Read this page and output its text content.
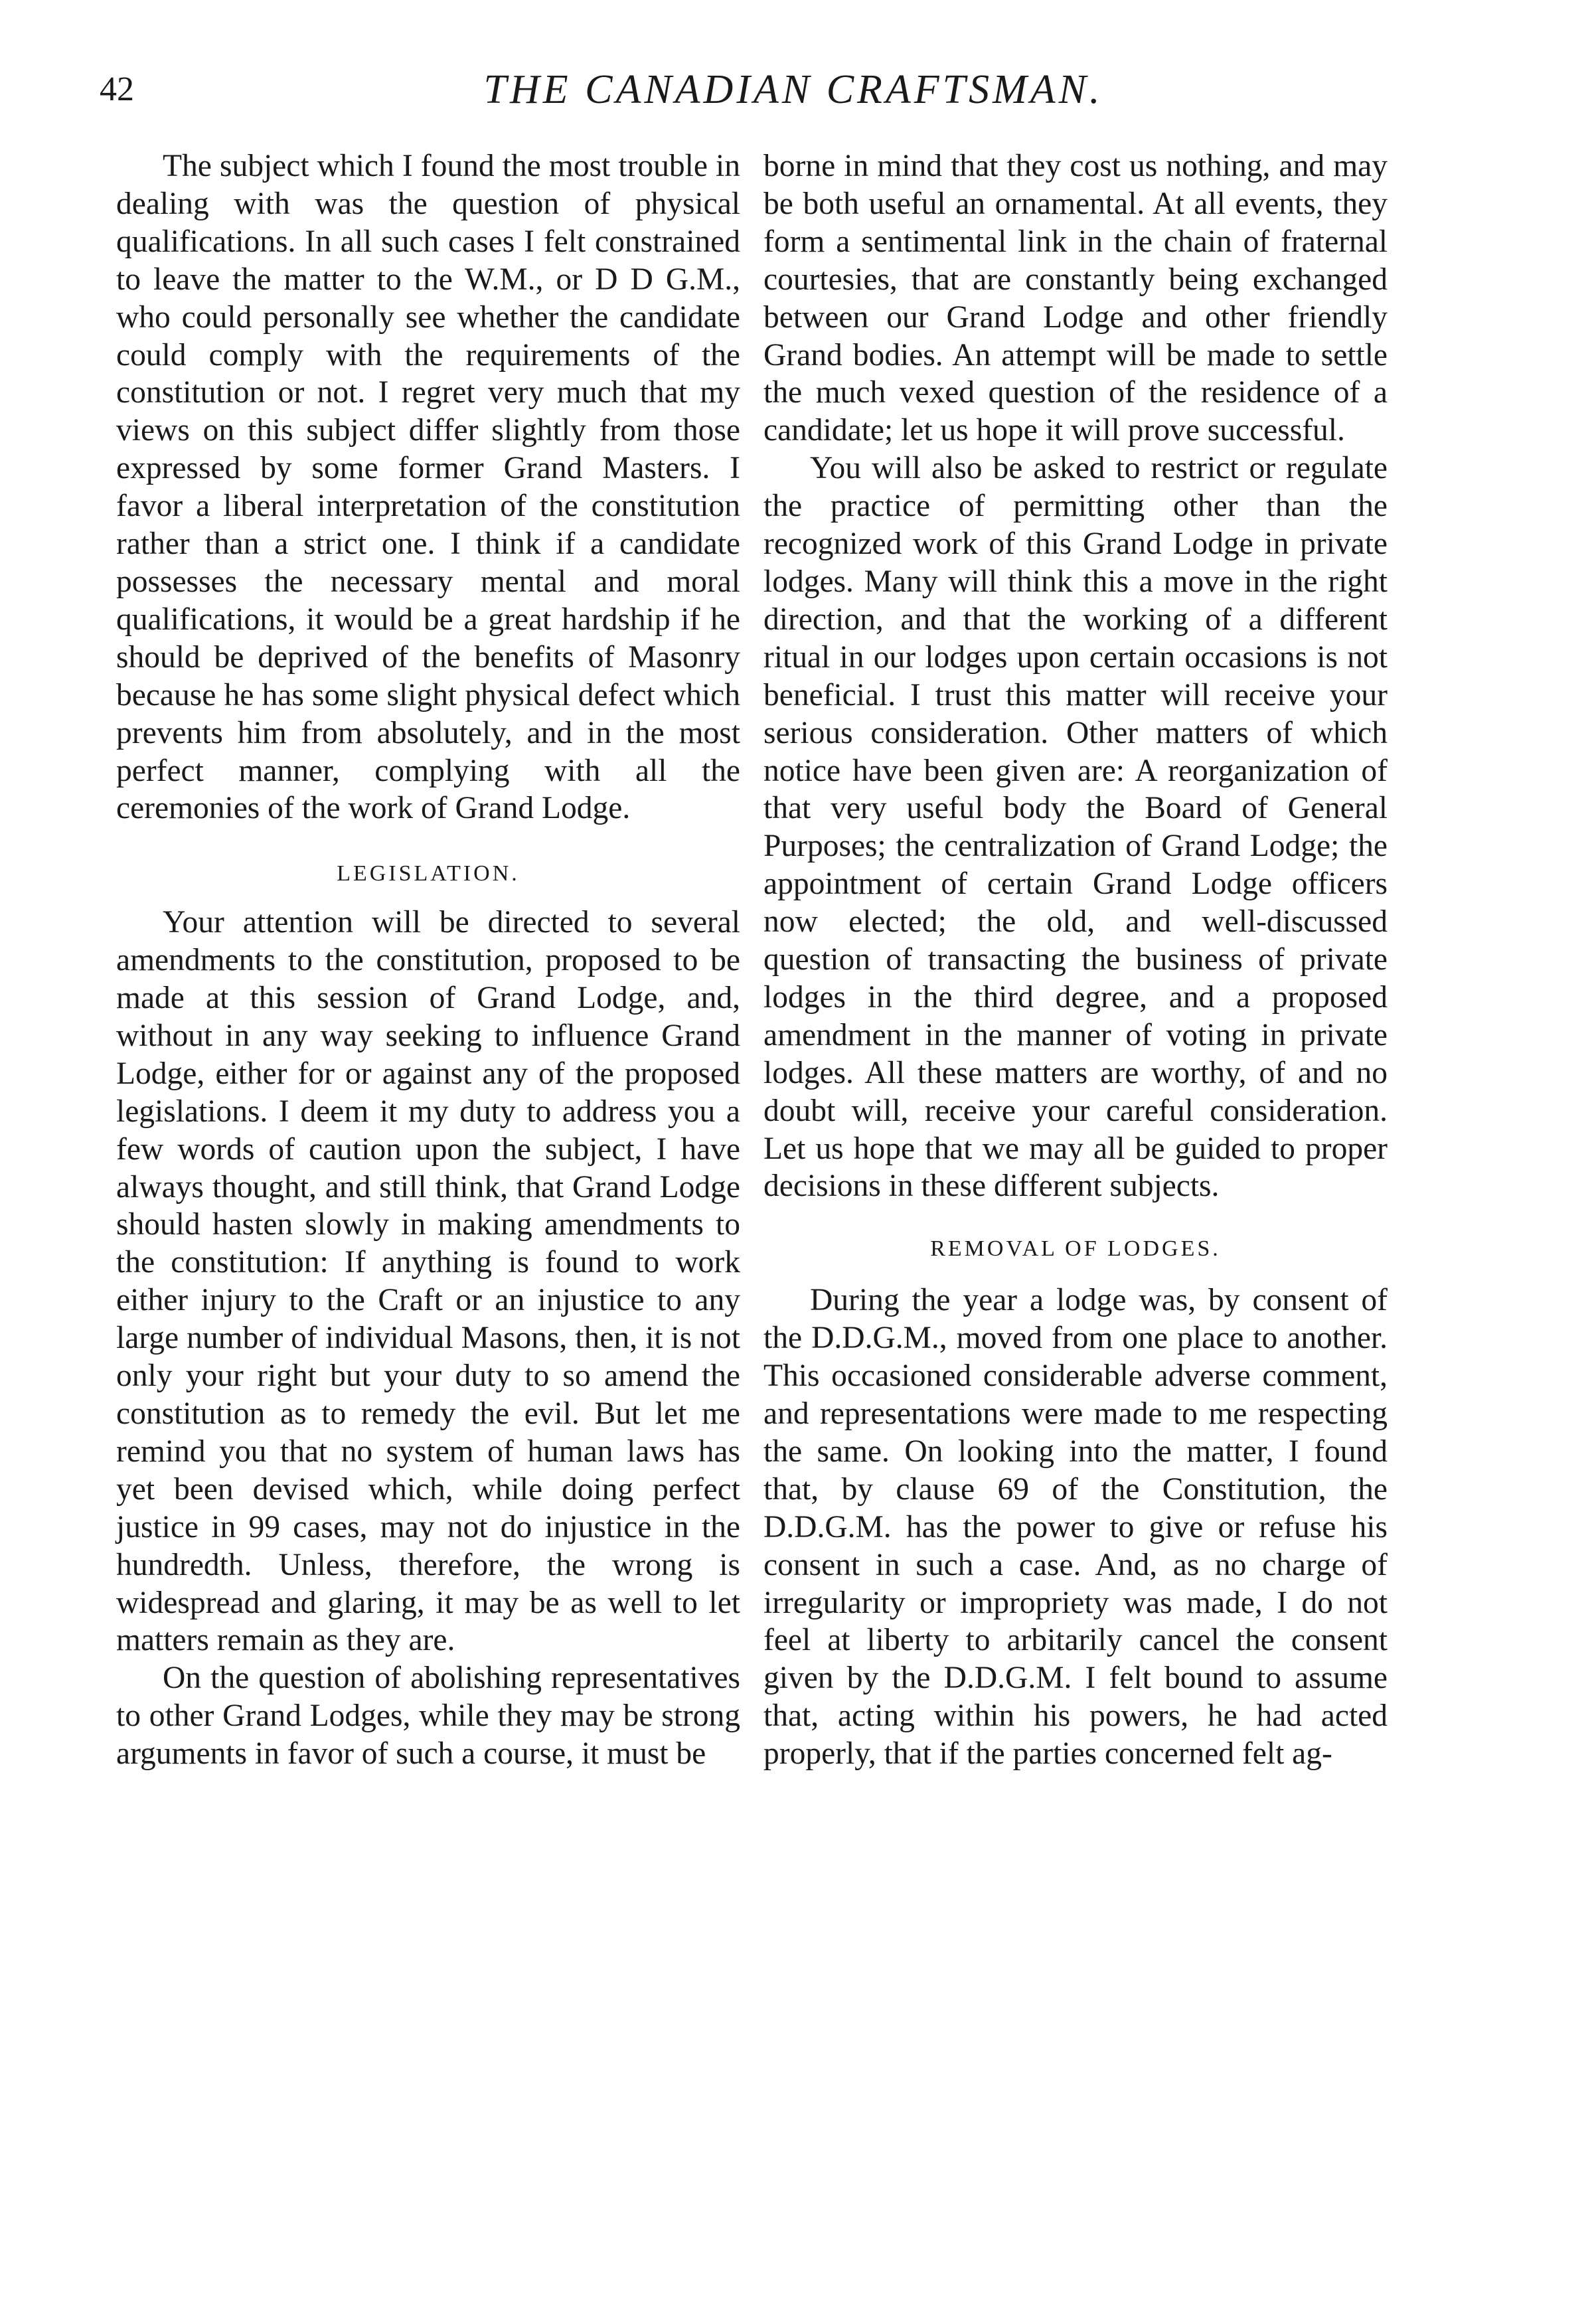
42	THE CANADIAN CRAFTSMAN.

The subject which I found the most trouble in dealing with was the question of physical qualifications. In all such cases I felt constrained to leave the matter to the W.M., or D D G.M., who could personally see whether the candidate could comply with the requirements of the constitution or not. I regret very much that my views on this subject differ slightly from those expressed by some former Grand Masters. I favor a liberal interpretation of the constitution rather than a strict one. I think if a candidate possesses the necessary mental and moral qualifications, it would be a great hardship if he should be deprived of the benefits of Masonry because he has some slight physical defect which prevents him from absolutely, and in the most perfect manner, complying with all the ceremonies of the work of Grand Lodge.

LEGISLATION.

Your attention will be directed to several amendments to the constitution, proposed to be made at this session of Grand Lodge, and, without in any way seeking to influence Grand Lodge, either for or against any of the proposed legislations. I deem it my duty to address you a few words of caution upon the subject, I have always thought, and still think, that Grand Lodge should hasten slowly in making amendments to the constitution: If anything is found to work either injury to the Craft or an injustice to any large number of individual Masons, then, it is not only your right but your duty to so amend the constitution as to remedy the evil. But let me remind you that no system of human laws has yet been devised which, while doing perfect justice in 99 cases, may not do injustice in the hundredth. Unless, therefore, the wrong is widespread and glaring, it may be as well to let matters remain as they are.

On the question of abolishing representatives to other Grand Lodges, while they may be strong arguments in favor of such a course, it must be

borne in mind that they cost us nothing, and may be both useful an ornamental. At all events, they form a sentimental link in the chain of fraternal courtesies, that are constantly being exchanged between our Grand Lodge and other friendly Grand bodies. An attempt will be made to settle the much vexed question of the residence of a candidate; let us hope it will prove successful.

You will also be asked to restrict or regulate the practice of permitting other than the recognized work of this Grand Lodge in private lodges. Many will think this a move in the right direction, and that the working of a different ritual in our lodges upon certain occasions is not beneficial. I trust this matter will receive your serious consideration. Other matters of which notice have been given are: A reorganization of that very useful body the Board of General Purposes; the centralization of Grand Lodge; the appointment of certain Grand Lodge officers now elected; the old, and well-discussed question of transacting the business of private lodges in the third degree, and a proposed amendment in the manner of voting in private lodges. All these matters are worthy, of and no doubt will, receive your careful consideration. Let us hope that we may all be guided to proper decisions in these different subjects.

REMOVAL OF LODGES.

During the year a lodge was, by consent of the D.D.G.M., moved from one place to another. This occasioned considerable adverse comment, and representations were made to me respecting the same. On looking into the matter, I found that, by clause 69 of the Constitution, the D.D.G.M. has the power to give or refuse his consent in such a case. And, as no charge of irregularity or impropriety was made, I do not feel at liberty to arbitarily cancel the consent given by the D.D.G.M. I felt bound to assume that, acting within his powers, he had acted properly, that if the parties concerned felt ag-
